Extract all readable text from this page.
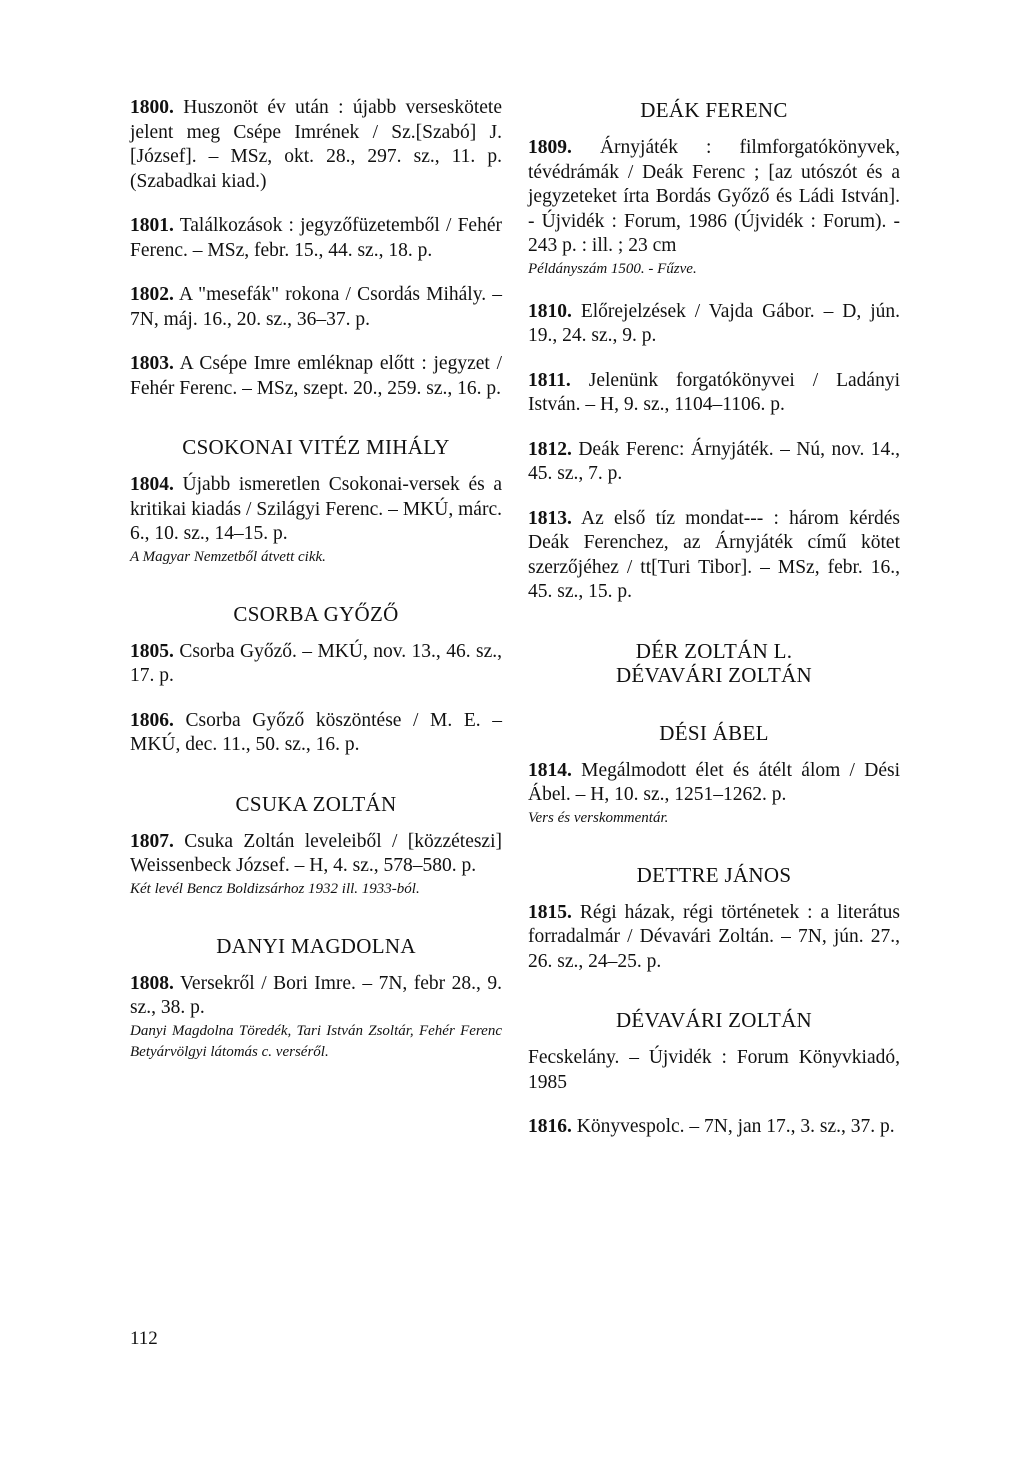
1800. Huszonöt év után : újabb verseskötete jelent meg Csépe Imrének / Sz.[Szabó] J.[József]. – MSz, okt. 28., 297. sz., 11. p. (Szabadkai kiad.)
1801. Találkozások : jegyzőfüzetemből / Fehér Ferenc. – MSz, febr. 15., 44. sz., 18. p.
1802. A "mesefák" rokona / Csordás Mihály. – 7N, máj. 16., 20. sz., 36–37. p.
1803. A Csépe Imre emléknap előtt : jegyzet / Fehér Ferenc. – MSz, szept. 20., 259. sz., 16. p.
CSOKONAI VITÉZ MIHÁLY
1804. Újabb ismeretlen Csokonai-versek és a kritikai kiadás / Szilágyi Ferenc. – MKÚ, márc. 6., 10. sz., 14–15. p.
A Magyar Nemzetből átvett cikk.
CSORBA GYŐZŐ
1805. Csorba Győző. – MKÚ, nov. 13., 46. sz., 17. p.
1806. Csorba Győző köszöntése / M. E. – MKÚ, dec. 11., 50. sz., 16. p.
CSUKA ZOLTÁN
1807. Csuka Zoltán leveleiből / [közzéteszi] Weissenbeck József. – H, 4. sz., 578–580. p.
Két levél Bencz Boldizsárhoz 1932 ill. 1933-ból.
DANYI MAGDOLNA
1808. Versekről / Bori Imre. – 7N, febr 28., 9. sz., 38. p.
Danyi Magdolna Töredék, Tari István Zsoltár, Fehér Ferenc Betyárvölgyi látomás c. verséről.
DEÁK FERENC
1809. Árnyjáték : filmforgatókönyvek, tévédrámák / Deák Ferenc ; [az utószót és a jegyzeteket írta Bordás Győző és Ládi István]. - Újvidék : Forum, 1986 (Újvidék : Forum). - 243 p. : ill. ; 23 cm
Példányszám 1500. - Fűzve.
1810. Előrejelzések / Vajda Gábor. – D, jún. 19., 24. sz., 9. p.
1811. Jelenünk forgatókönyvei / Ladányi István. – H, 9. sz., 1104–1106. p.
1812. Deák Ferenc: Árnyjáték. – Nú, nov. 14., 45. sz., 7. p.
1813. Az első tíz mondat--- : három kérdés Deák Ferenchez, az Árnyjáték című kötet szerzőjéhez / tt[Turi Tibor]. – MSz, febr. 16., 45. sz., 15. p.
DÉR ZOLTÁN L.
DÉVAVÁRI ZOLTÁN
DÉSI ÁBEL
1814. Megálmodott élet és átélt álom / Dési Ábel. – H, 10. sz., 1251–1262. p.
Vers és verskommentár.
DETTRE JÁNOS
1815. Régi házak, régi történetek : a literátus forradalmár / Dévavári Zoltán. – 7N, jún. 27., 26. sz., 24–25. p.
DÉVAVÁRI ZOLTÁN
Fecskelány. – Újvidék : Forum Könyvkiadó, 1985
1816. Könyvespolc. – 7N, jan 17., 3. sz., 37. p.
112
